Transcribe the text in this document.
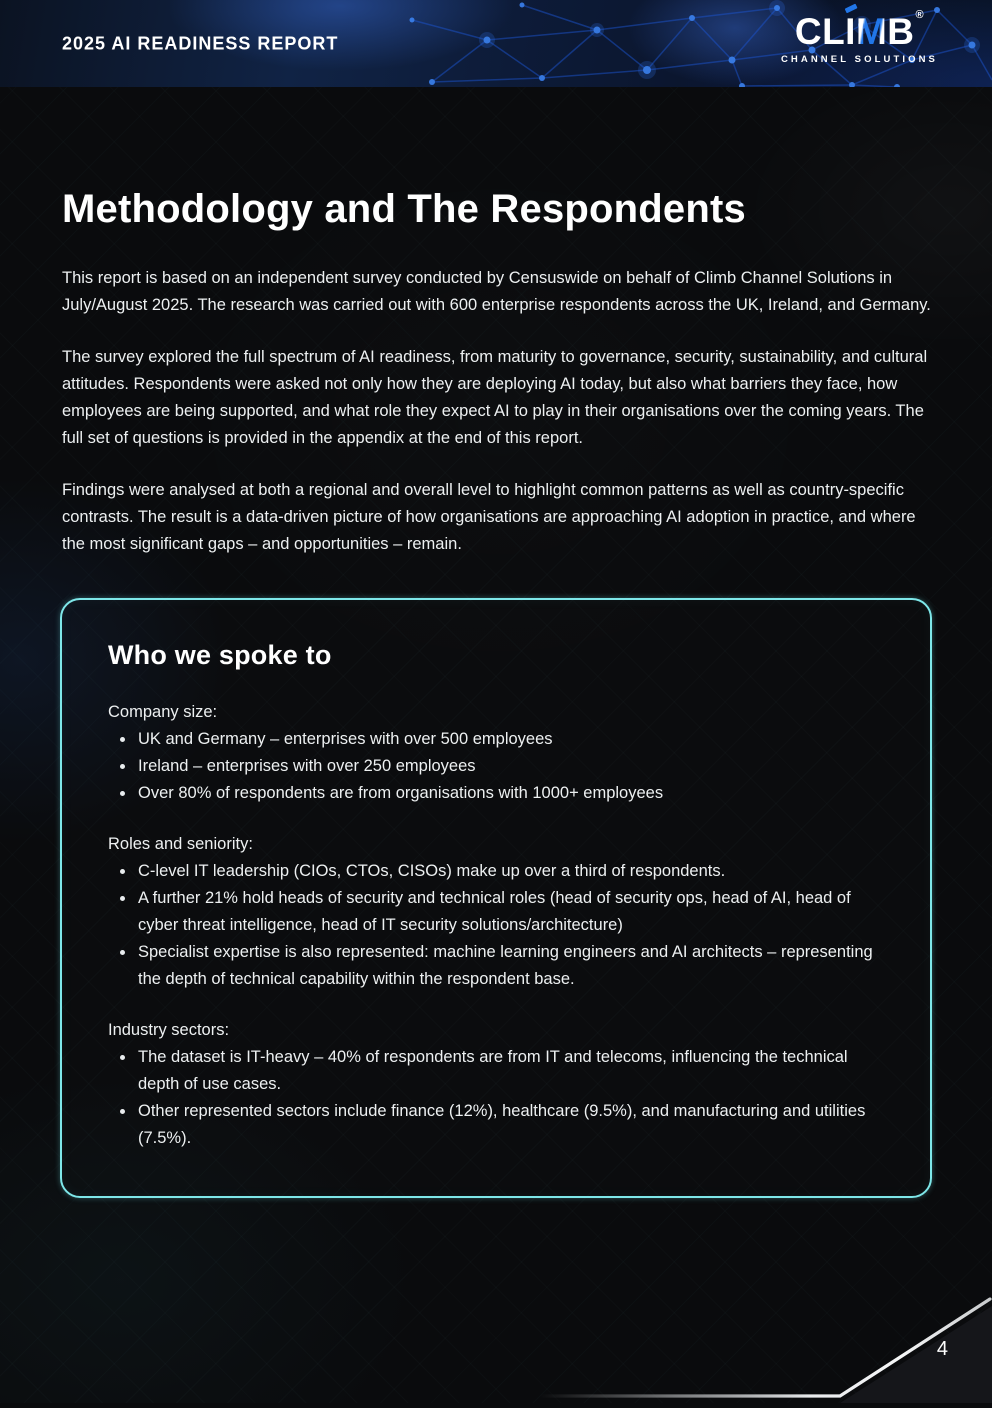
2025 AI READINESS REPORT	CL
IMB®
CHANNEL SOLUTIONS
Methodology and The Respondents

This report is based on an independent survey conducted by Censuswide on behalf of Climb Channel Solutions in July/August 2025. The research was carried out with 600 enterprise respondents across the UK, Ireland, and Germany.

The survey explored the full spectrum of AI readiness, from maturity to governance, security, sustainability, and cultural attitudes. Respondents were asked not only how they are deploying AI today, but also what barriers they face, how employees are being supported, and what role they expect AI to play in their organisations over the coming years. The full set of questions is provided in the appendix at the end of this report.

Findings were analysed at both a regional and overall level to highlight common patterns as well as country-specific contrasts. The result is a data-driven picture of how organisations are approaching AI adoption in practice, and where the most significant gaps – and opportunities – remain.

Who we spoke to
Company size:
UK and Germany – enterprises with over 500 employees
Ireland – enterprises with over 250 employees
Over 80% of respondents are from organisations with 1000+ employees
Roles and seniority:
C-level IT leadership (CIOs, CTOs, CISOs) make up over a third of respondents.
A further 21% hold heads of security and technical roles (head of security ops, head of AI, head of cyber threat intelligence, head of IT security solutions/architecture)
Specialist expertise is also represented: machine learning engineers and AI architects – representing the depth of technical capability within the respondent base.
Industry sectors:
The dataset is IT-heavy – 40% of respondents are from IT and telecoms, influencing the technical depth of use cases.
Other represented sectors include finance (12%), healthcare (9.5%), and manufacturing and utilities (7.5%).
4
